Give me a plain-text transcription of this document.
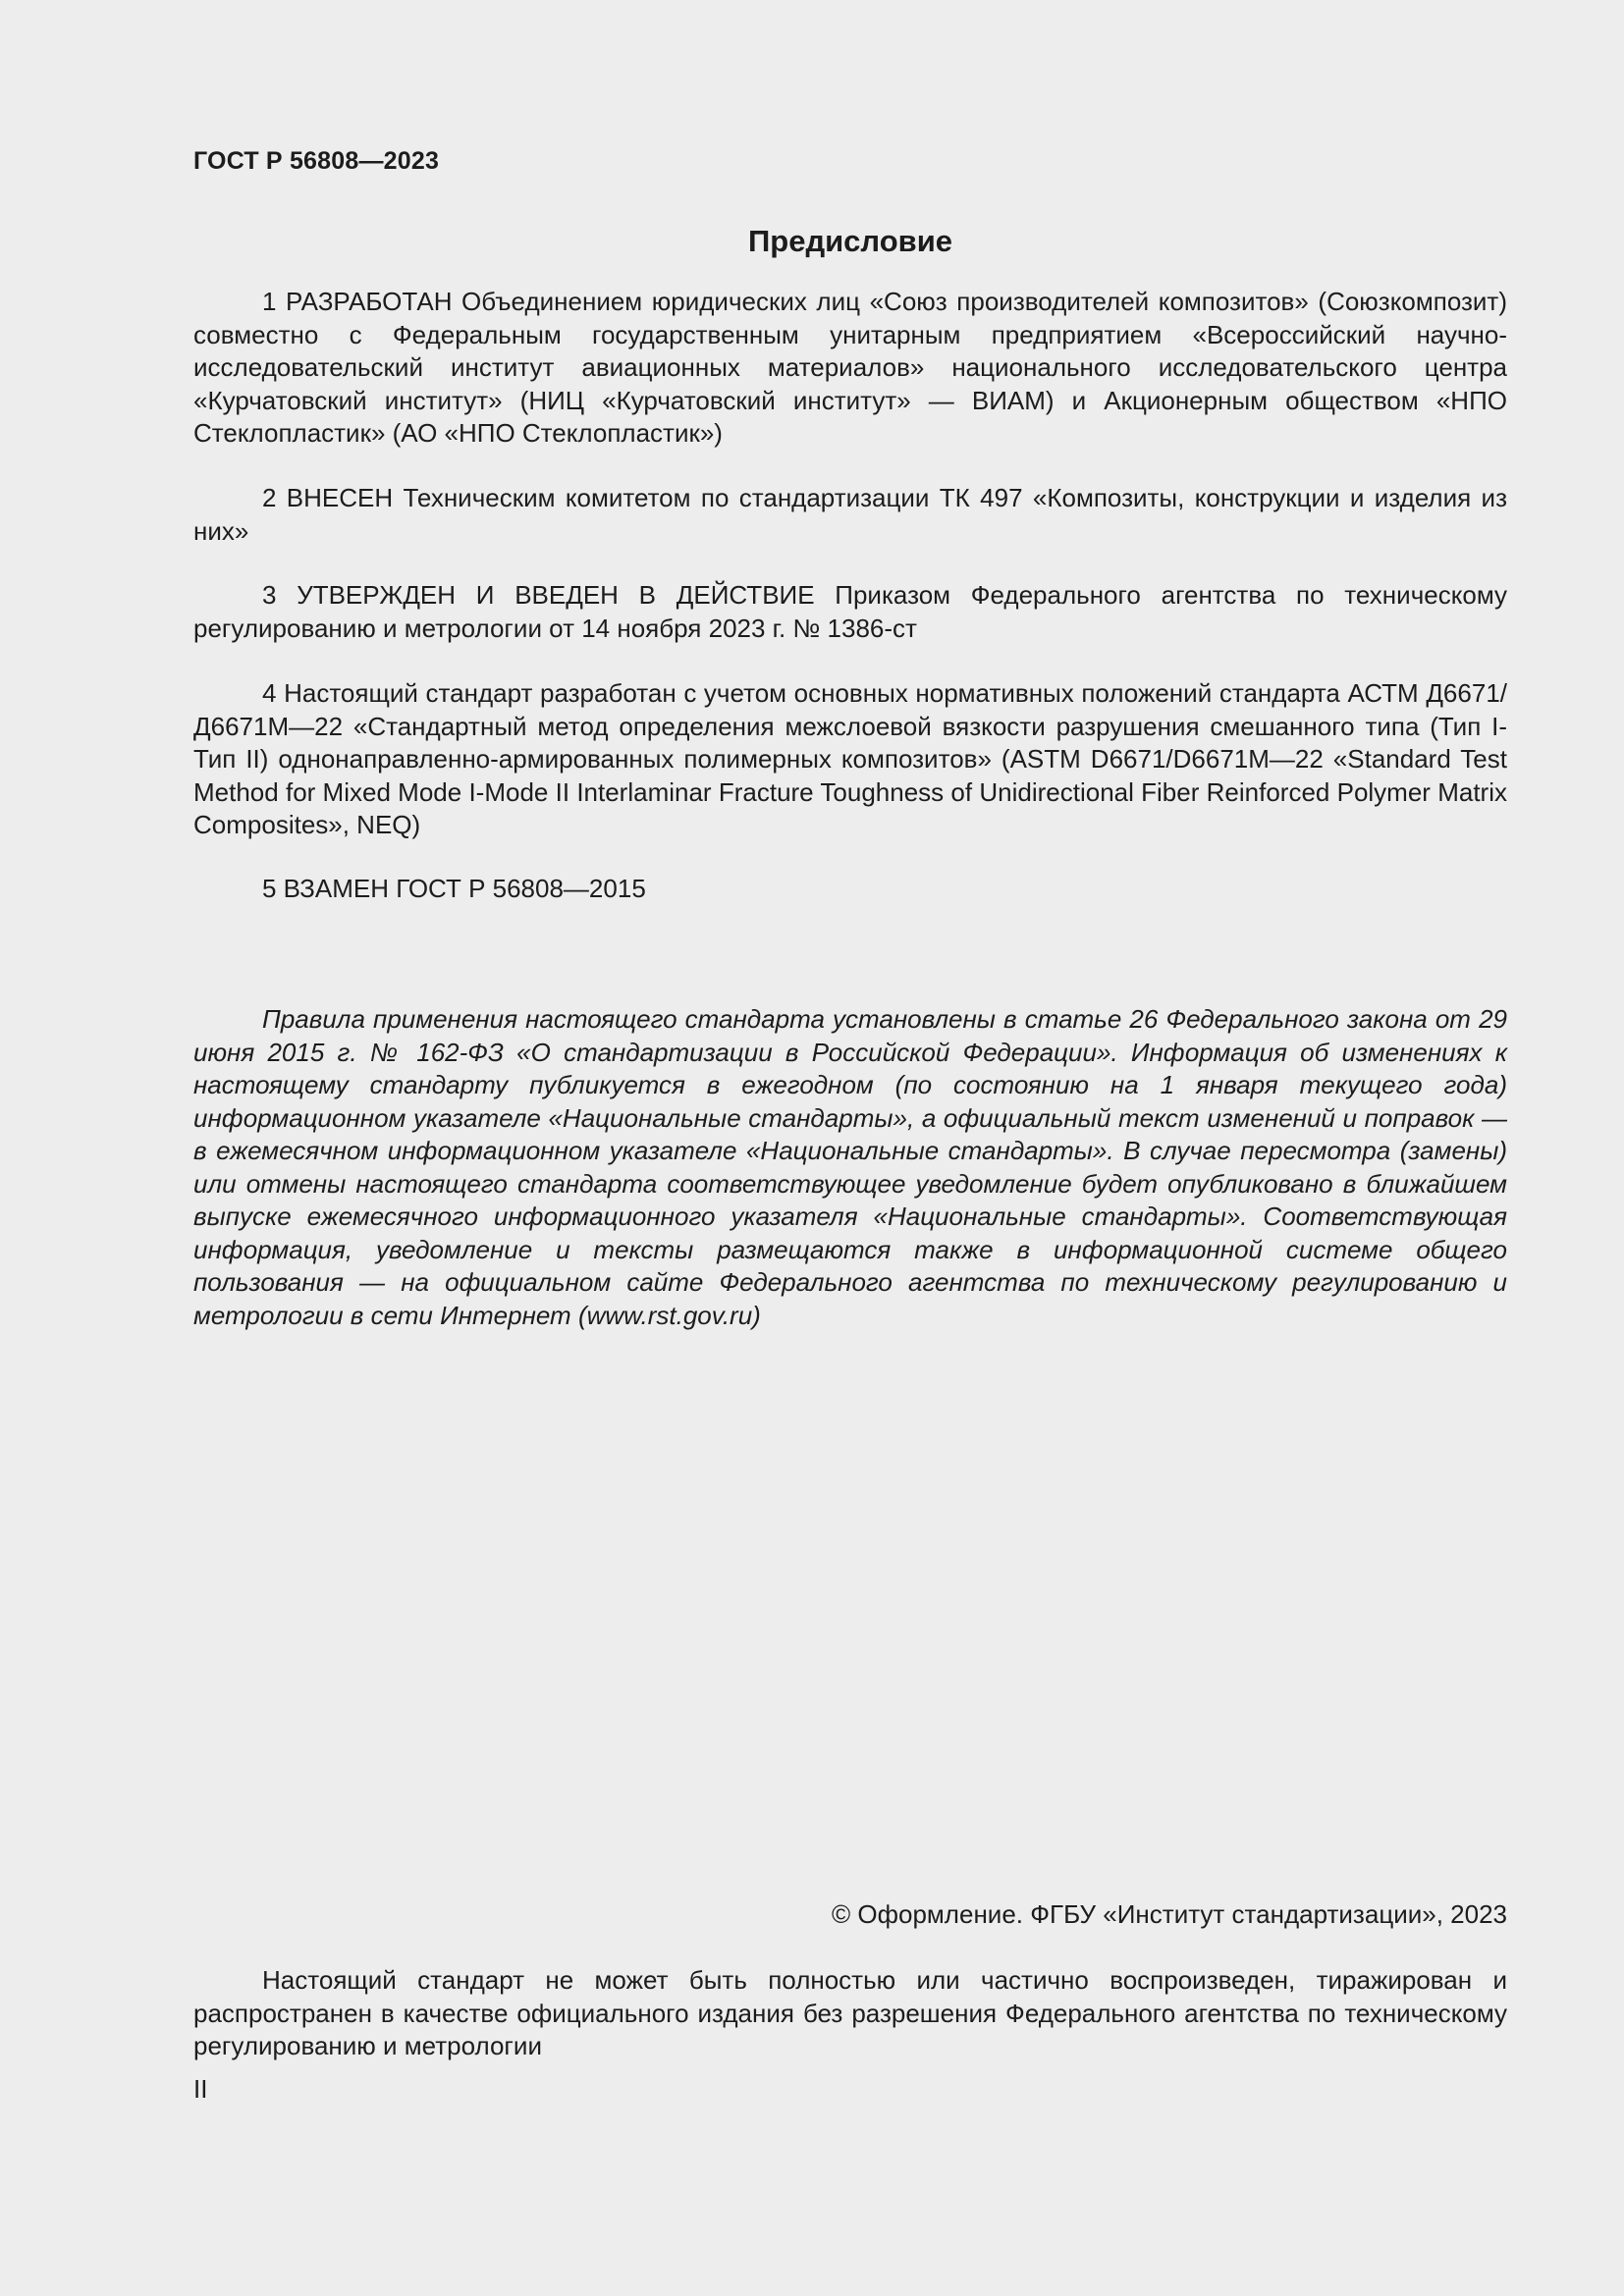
ГОСТ Р 56808—2023
Предисловие

1 РАЗРАБОТАН Объединением юридических лиц «Союз производителей композитов» (Союзкомпозит) совместно с Федеральным государственным унитарным предприятием «Всероссийский научно-исследовательский институт авиационных материалов» национального исследовательского центра «Курчатовский институт» (НИЦ «Курчатовский институт» — ВИАМ) и Акционерным обществом «НПО Стеклопластик» (АО «НПО Стеклопластик»)

2 ВНЕСЕН Техническим комитетом по стандартизации ТК 497 «Композиты, конструкции и изделия из них»

3 УТВЕРЖДЕН И ВВЕДЕН В ДЕЙСТВИЕ Приказом Федерального агентства по техническому регулированию и метрологии от 14 ноября 2023 г. № 1386-ст

4 Настоящий стандарт разработан с учетом основных нормативных положений стандарта АСТМ Д6671/Д6671М—22 «Стандартный метод определения межслоевой вязкости разрушения смешанного типа (Тип I-Тип II) однонаправленно-армированных полимерных композитов» (ASTM D6671/D6671M—22 «Standard Test Method for Mixed Mode I-Mode II Interlaminar Fracture Toughness of Unidirectional Fiber Reinforced Polymer Matrix Composites», NEQ)

5 ВЗАМЕН ГОСТ Р 56808—2015

Правила применения настоящего стандарта установлены в статье 26 Федерального закона от 29 июня 2015 г. № 162-ФЗ «О стандартизации в Российской Федерации». Информация об изменениях к настоящему стандарту публикуется в ежегодном (по состоянию на 1 января текущего года) информационном указателе «Национальные стандарты», а официальный текст изменений и поправок — в ежемесячном информационном указателе «Национальные стандарты». В случае пересмотра (замены) или отмены настоящего стандарта соответствующее уведомление будет опубликовано в ближайшем выпуске ежемесячного информационного указателя «Национальные стандарты». Соответствующая информация, уведомление и тексты размещаются также в информационной системе общего пользования — на официальном сайте Федерального агентства по техническому регулированию и метрологии в сети Интернет (www.rst.gov.ru)

© Оформление. ФГБУ «Институт стандартизации», 2023

Настоящий стандарт не может быть полностью или частично воспроизведен, тиражирован и распространен в качестве официального издания без разрешения Федерального агентства по техническому регулированию и метрологии

II
